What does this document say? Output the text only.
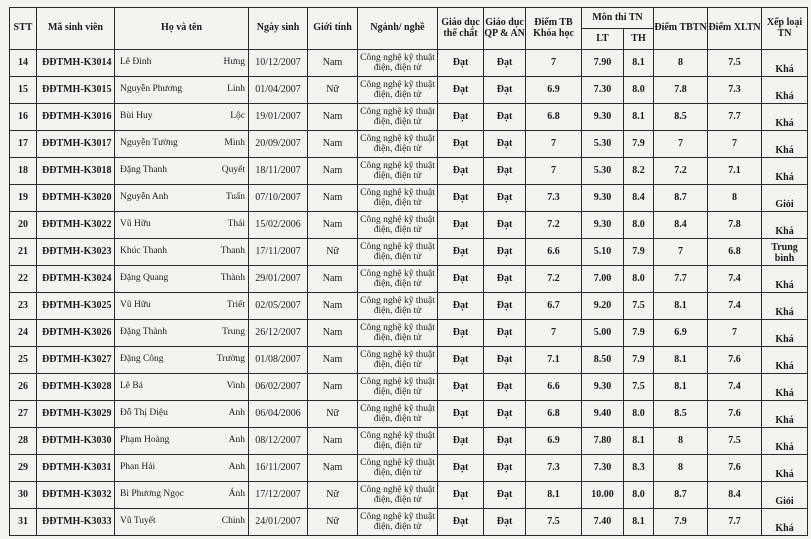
STT	Mã sinh viên	Họ và tên		Ngày sinh	Giới tính	Ngành/ nghề	Giáo dục thể chất	Giáo dục QP & AN	Điểm TB Khóa học	Môn thi TN		Điểm TBTN	Điểm XLTN	Xếp loại TN
										LT	TH			
14	ĐĐTMH-K3014	Lê Đình	Hưng	10/12/2007	Nam	Công nghệ kỹ thuật điện, điện tử	Đạt	Đạt	7	7.90	8.1	8	7.5	Khá
15	ĐĐTMH-K3015	Nguyễn Phương	Linh	01/04/2007	Nữ	Công nghệ kỹ thuật điện, điện tử	Đạt	Đạt	6.9	7.30	8.0	7.8	7.3	Khá
16	ĐĐTMH-K3016	Bùi Huy	Lộc	19/01/2007	Nam	Công nghệ kỹ thuật điện, điện tử	Đạt	Đạt	6.8	9.30	8.1	8.5	7.7	Khá
17	ĐĐTMH-K3017	Nguyễn Tường	Minh	20/09/2007	Nam	Công nghệ kỹ thuật điện, điện tử	Đạt	Đạt	7	5.30	7.9	7	7	Khá
18	ĐĐTMH-K3018	Đặng Thanh	Quyết	18/11/2007	Nam	Công nghệ kỹ thuật điện, điện tử	Đạt	Đạt	7	5.30	8.2	7.2	7.1	Khá
19	ĐĐTMH-K3020	Nguyễn Anh	Tuấn	07/10/2007	Nam	Công nghệ kỹ thuật điện, điện tử	Đạt	Đạt	7.3	9.30	8.4	8.7	8	Giỏi
20	ĐĐTMH-K3022	Vũ Hữu	Thái	15/02/2006	Nam	Công nghệ kỹ thuật điện, điện tử	Đạt	Đạt	7.2	9.30	8.0	8.4	7.8	Khá
21	ĐĐTMH-K3023	Khúc Thanh	Thanh	17/11/2007	Nữ	Công nghệ kỹ thuật điện, điện tử	Đạt	Đạt	6.6	5.10	7.9	7	6.8	Trung bình
22	ĐĐTMH-K3024	Đặng Quang	Thành	29/01/2007	Nam	Công nghệ kỹ thuật điện, điện tử	Đạt	Đạt	7.2	7.00	8.0	7.7	7.4	Khá
23	ĐĐTMH-K3025	Vũ Hữu	Triết	02/05/2007	Nam	Công nghệ kỹ thuật điện, điện tử	Đạt	Đạt	6.7	9.20	7.5	8.1	7.4	Khá
24	ĐĐTMH-K3026	Đặng Thành	Trung	26/12/2007	Nam	Công nghệ kỹ thuật điện, điện tử	Đạt	Đạt	7	5.00	7.9	6.9	7	Khá
25	ĐĐTMH-K3027	Đặng Công	Trường	01/08/2007	Nam	Công nghệ kỹ thuật điện, điện tử	Đạt	Đạt	7.1	8.50	7.9	8.1	7.6	Khá
26	ĐĐTMH-K3028	Lê Bá	Vinh	06/02/2007	Nam	Công nghệ kỹ thuật điện, điện tử	Đạt	Đạt	6.6	9.30	7.5	8.1	7.4	Khá
27	ĐĐTMH-K3029	Đỗ Thị Diệu	Anh	06/04/2006	Nữ	Công nghệ kỹ thuật điện, điện tử	Đạt	Đạt	6.8	9.40	8.0	8.5	7.6	Khá
28	ĐĐTMH-K3030	Phạm Hoàng	Anh	08/12/2007	Nam	Công nghệ kỹ thuật điện, điện tử	Đạt	Đạt	6.9	7.80	8.1	8	7.5	Khá
29	ĐĐTMH-K3031	Phan Hải	Anh	16/11/2007	Nam	Công nghệ kỹ thuật điện, điện tử	Đạt	Đạt	7.3	7.30	8.3	8	7.6	Khá
30	ĐĐTMH-K3032	Bì Phương Ngọc	Ánh	17/12/2007	Nữ	Công nghệ kỹ thuật điện, điện tử	Đạt	Đạt	8.1	10.00	8.0	8.7	8.4	Giỏi
31	ĐĐTMH-K3033	Vũ Tuyết	Chinh	24/01/2007	Nữ	Công nghệ kỹ thuật điện, điện tử	Đạt	Đạt	7.5	7.40	8.1	7.9	7.7	Khá
